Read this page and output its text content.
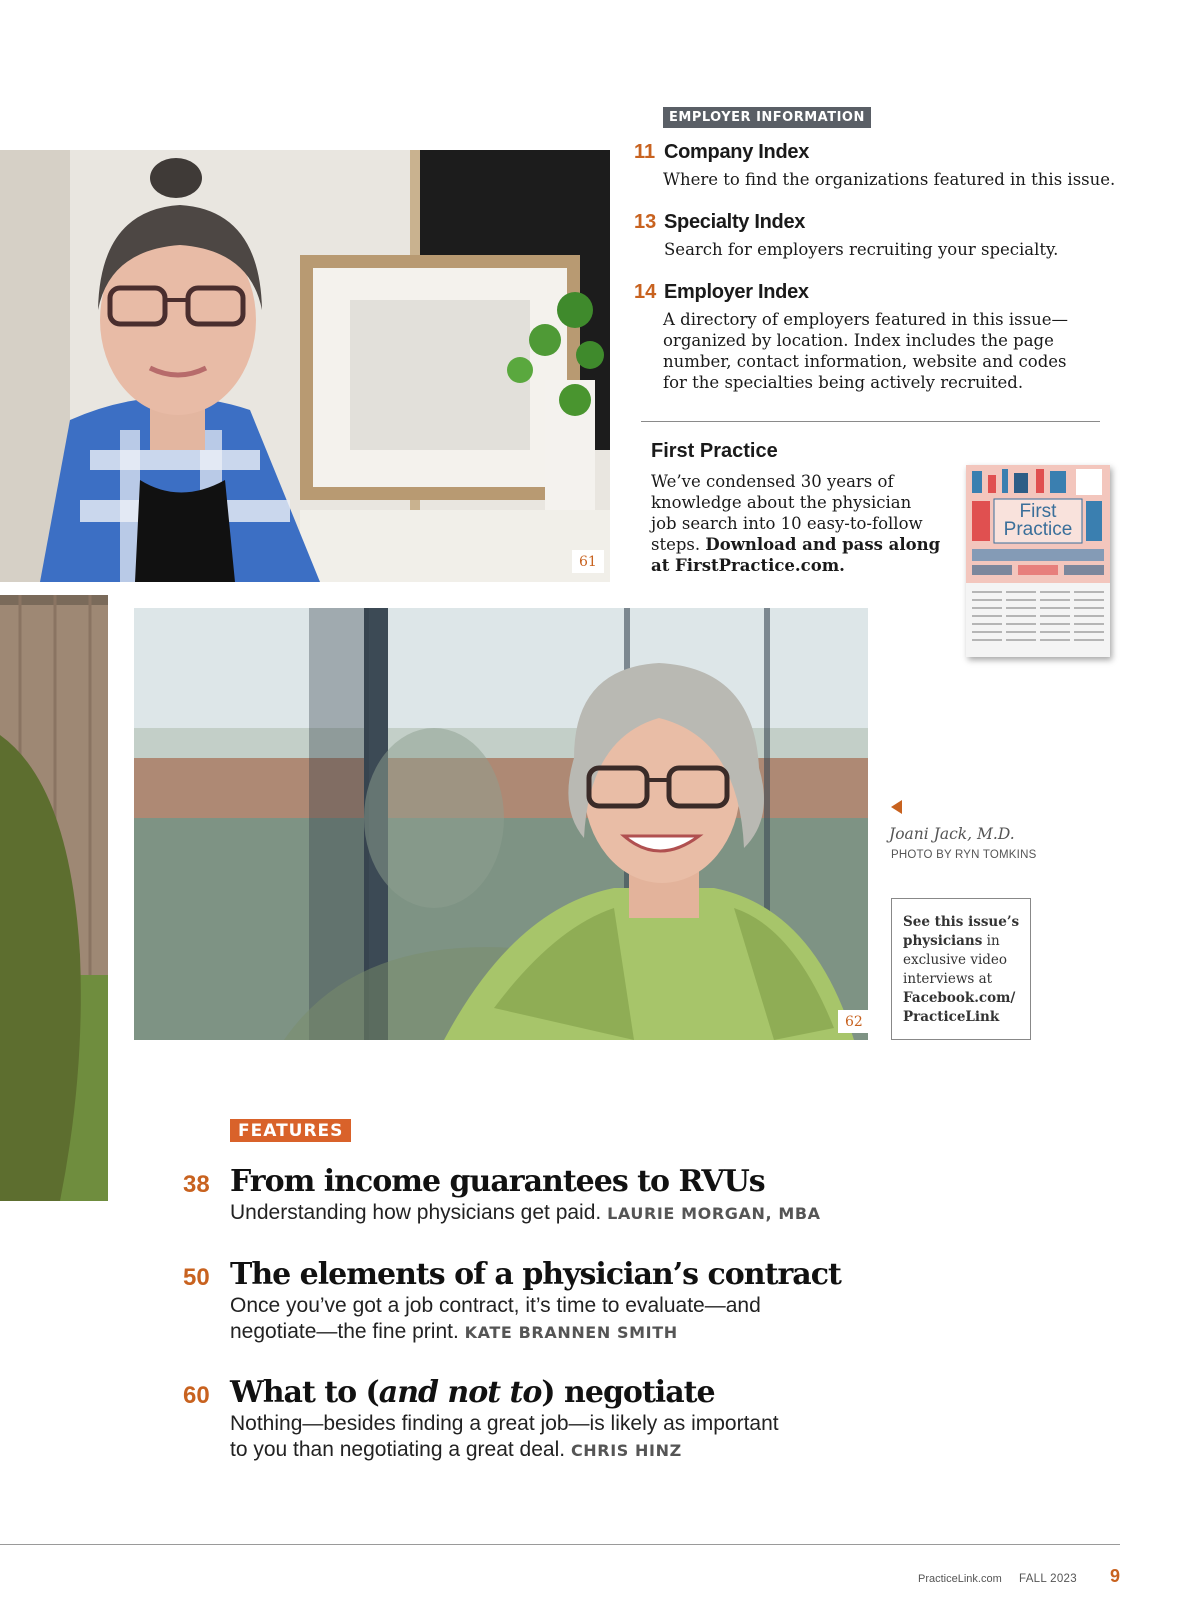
61
62
EMPLOYER INFORMATION
11 Company Index
Where to find the organizations featured in this issue.
13 Specialty Index
Search for employers recruiting your specialty.
14 Employer Index
A directory of employers featured in this issue—organized by location. Index includes the page number, contact information, website and codes for the specialties being actively recruited.
First Practice
We’ve condensed 30 years of knowledge about the physician job search into 10 easy-to-follow steps. Download and pass along at FirstPractice.com.
First Practice
Joani Jack, M.D.
PHOTO BY RYN TOMKINS
See this issue’s physicians in exclusive video interviews at Facebook.com/ PracticeLink
FEATURES
38 From income guarantees to RVUs
Understanding how physicians get paid. LAURIE MORGAN, MBA
50 The elements of a physician’s contract
Once you’ve got a job contract, it’s time to evaluate—and negotiate—the fine print. KATE BRANNEN SMITH
60 What to (and not to) negotiate
Nothing—besides finding a great job—is likely as important to you than negotiating a great deal. CHRIS HINZ
PracticeLink.com FALL 2023 9
